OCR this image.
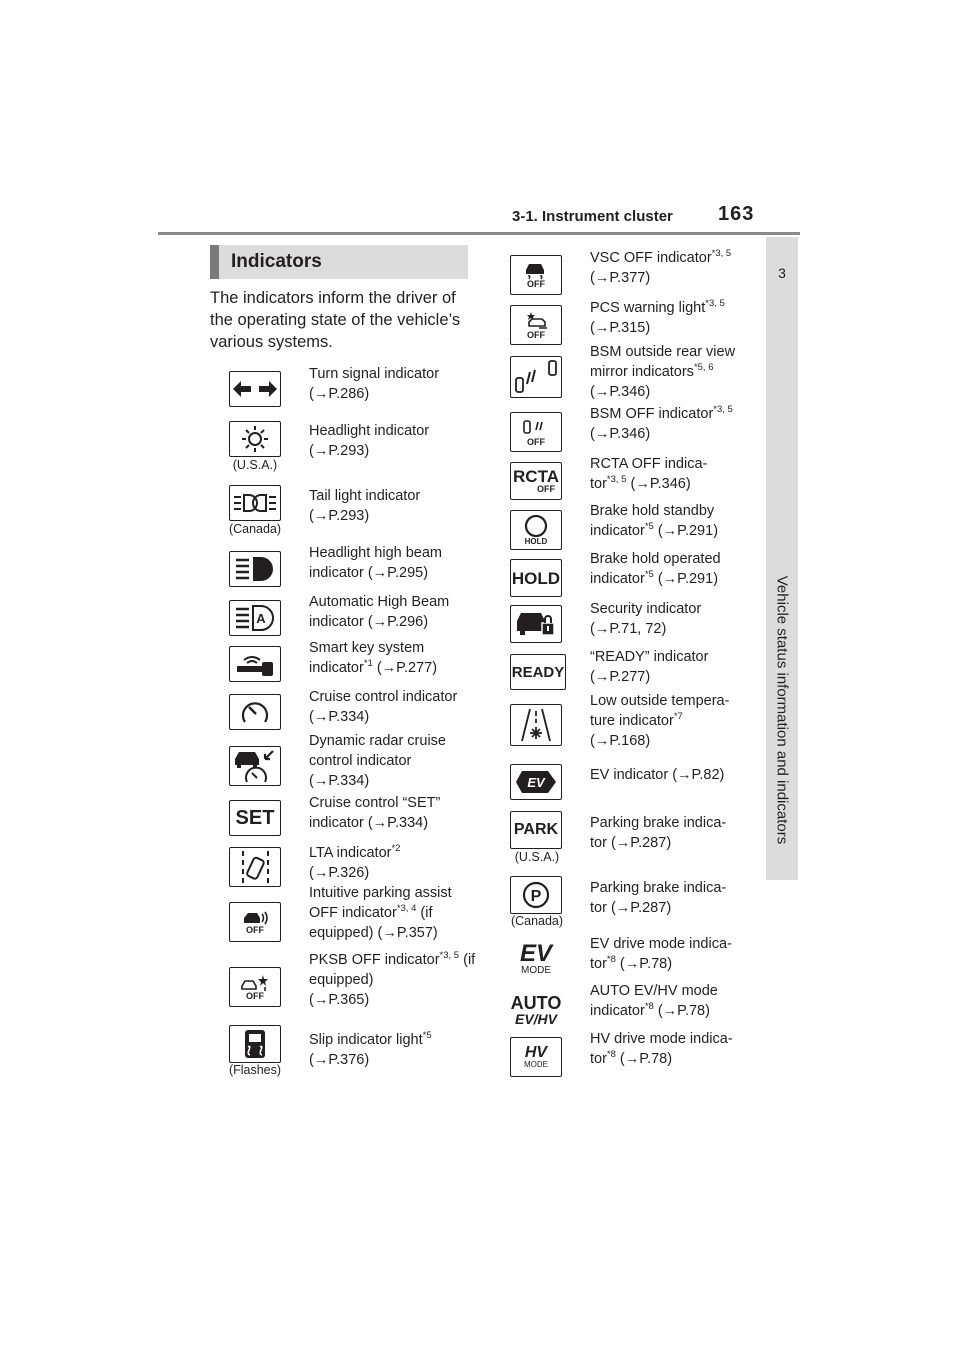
3-1. Instrument cluster 163
3
Vehicle status information and indicators
Indicators
The indicators inform the driver of the operating state of the vehicle’s various systems.
Turn signal indicator
(→P.286)
(U.S.A.)
Headlight indicator
(→P.293)
(Canada)
Tail light indicator
(→P.293)
Headlight high beam indicator (→P.295)
A
Automatic High Beam indicator (→P.296)
Smart key system indicator$^{*1}$ (→P.277)
Cruise control indicator (→P.334)
Dynamic radar cruise control indicator
(→P.334)
SET
Cruise control “SET” indicator (→P.334)
LTA indicator$^{*2}$
(→P.326)
OFF
Intuitive parking assist OFF indicator$^{*3, 4}$ (if equipped) (→P.357)
OFF
PKSB OFF indicator$^{*3, 5}$ (if equipped)
(→P.365)
(Flashes)
Slip indicator light$^{*5}$
(→P.376)
OFF
VSC OFF indicator$^{*3, 5}$ (→P.377)
OFF
PCS warning light$^{*3, 5}$
(→P.315)
BSM outside rear view mirror indicators$^{*5, 6}$
(→P.346)
OFF
BSM OFF indicator$^{*3, 5}$ (→P.346)
RCTA
OFF
RCTA OFF indica-
tor$^{*3, 5}$ (→P.346)
HOLD
Brake hold standby indicator$^{*5}$ (→P.291)
HOLD
Brake hold operated indicator$^{*5}$ (→P.291)
Security indicator
(→P.71, 72)
READY
“READY” indicator
(→P.277)
Low outside tempera-
ture indicator$^{*7}$
(→P.168)
EV	EV indicator (→P.82)
PARK
(U.S.A.)
Parking brake indica-
tor (→P.287)
P
(Canada)
Parking brake indica-
tor (→P.287)
EV
MODE
EV drive mode indica-
tor$^{*8}$ (→P.78)
AUTO
EV/HV
AUTO EV/HV mode indicator$^{*8}$ (→P.78)
HV
MODE
HV drive mode indica-
tor$^{*8}$ (→P.78)
